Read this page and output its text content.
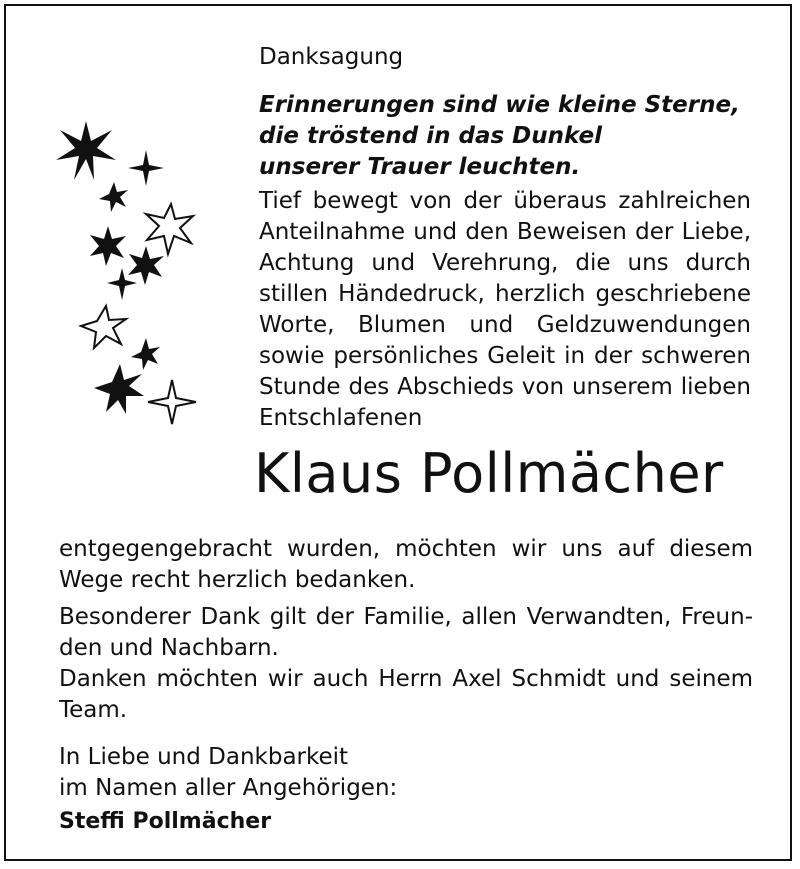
Danksagung

Erinnerungen sind wie kleine Sterne,
die tröstend in das Dunkel
unserer Trauer leuchten.
Tief bewegt von der überaus zahlreichen
Anteilnahme und den Beweisen der Liebe,
Achtung und Verehrung, die uns durch
stillen Händedruck, herzlich geschriebene
Worte, Blumen und Geldzuwendungen
sowie persönliches Geleit in der schweren
Stunde des Abschieds von unserem lieben
Entschlafenen

Klaus Pollmächer

entgegengebracht wurden, möchten wir uns auf diesem
Wege recht herzlich bedanken.
Besonderer Dank gilt der Familie, allen Verwandten, Freun-
den und Nachbarn.
Danken möchten wir auch Herrn Axel Schmidt und seinem
Team.
In Liebe und Dankbarkeit
im Namen aller Angehörigen:

Steffi Pollmächer
